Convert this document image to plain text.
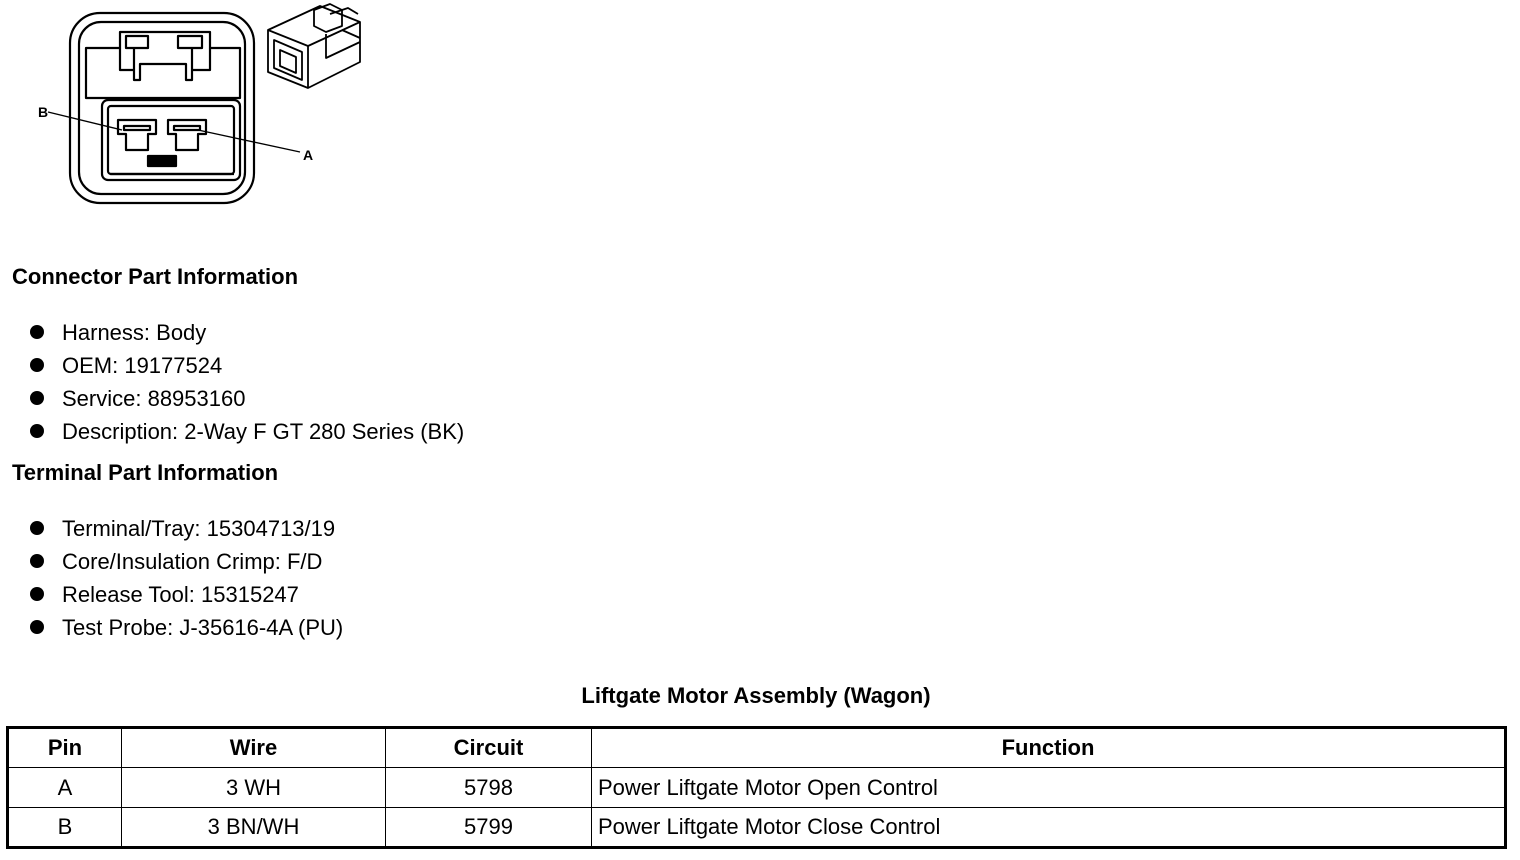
B
A
Connector Part Information
Harness: Body
OEM: 19177524
Service: 88953160
Description: 2-Way F GT 280 Series (BK)
Terminal Part Information
Terminal/Tray: 15304713/19
Core/Insulation Crimp: F/D
Release Tool: 15315247
Test Probe: J-35616-4A (PU)
Liftgate Motor Assembly (Wagon)
Pin	Wire	Circuit	Function
A	3 WH	5798	Power Liftgate Motor Open Control
B	3 BN/WH	5799	Power Liftgate Motor Close Control
